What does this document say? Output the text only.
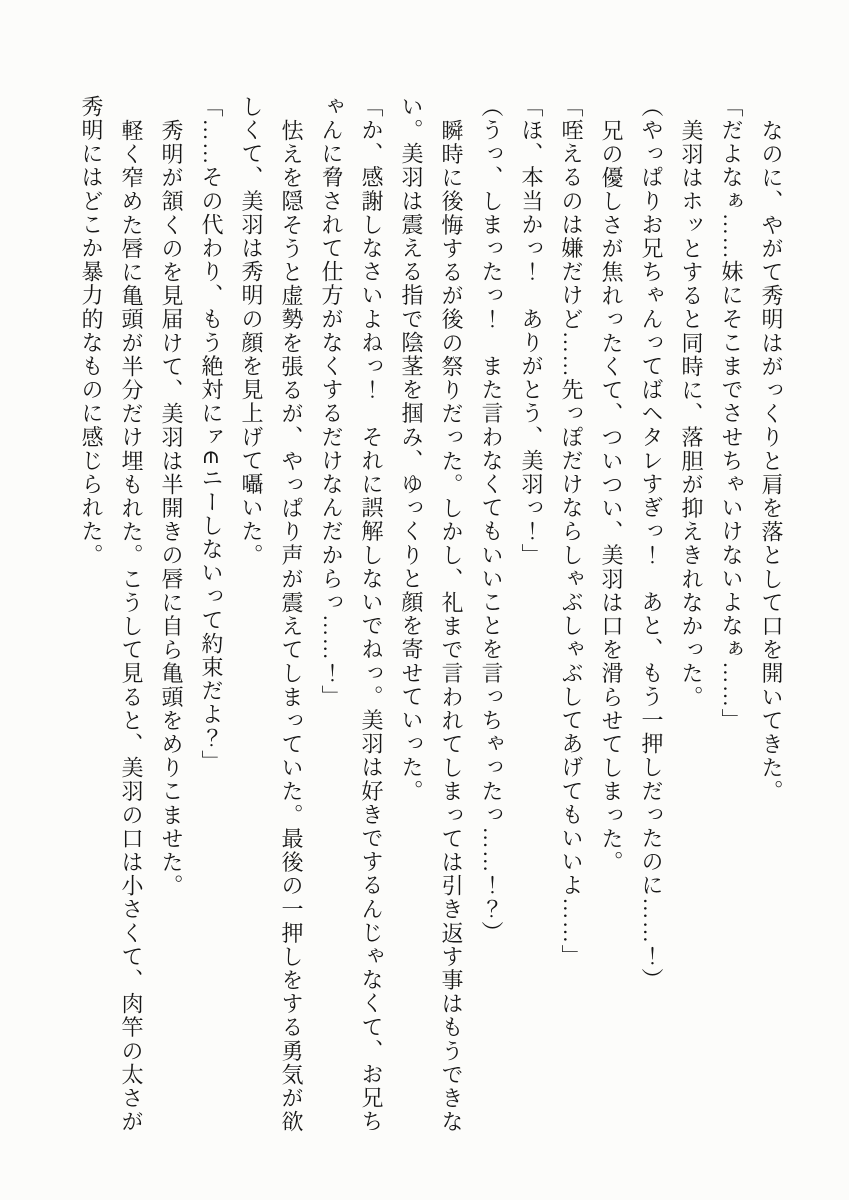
なのに、やがて秀明はがっくりと肩を落として口を開いてきた。

「だよなぁ……妹にそこまでさせちゃいけないよなぁ……」

美羽はホッとすると同時に、落胆が抑えきれなかった。

（やっぱりお兄ちゃんってばヘタレすぎっ！　あと、もう一押しだったのに……！）

兄の優しさが焦れったくて、ついつい、美羽は口を滑らせてしまった。

「咥えるのは嫌だけど……先っぽだけならしゃぶしゃぶしてあげてもいいよ……」

「ほ、本当かっ！　ありがとう、美羽っ！」

（うっ、しまったっ！　また言わなくてもいいことを言っちゃったっ……！？）

瞬時に後悔するが後の祭りだった。しかし、礼まで言われてしまっては引き返す事はもうできない。美羽は震える指で陰茎を掴み、ゆっくりと顔を寄せていった。

「か、感謝しなさいよねっ！　それに誤解しないでねっ。美羽は好きでするんじゃなくて、お兄ちゃんに脅されて仕方がなくするだけなんだからっ……！」

怯えを隠そうと虚勢を張るが、やっぱり声が震えてしまっていた。最後の一押しをする勇気が欲しくて、美羽は秀明の顔を見上げて囁いた。

「……その代わり、もう絶対にァ∈ニーしないって約束だよ？」

秀明が頷くのを見届けて、美羽は半開きの唇に自ら亀頭をめりこませた。

軽く窄めた唇に亀頭が半分だけ埋もれた。こうして見ると、美羽の口は小さくて、肉竿の太さが秀明にはどこか暴力的なものに感じられた。
